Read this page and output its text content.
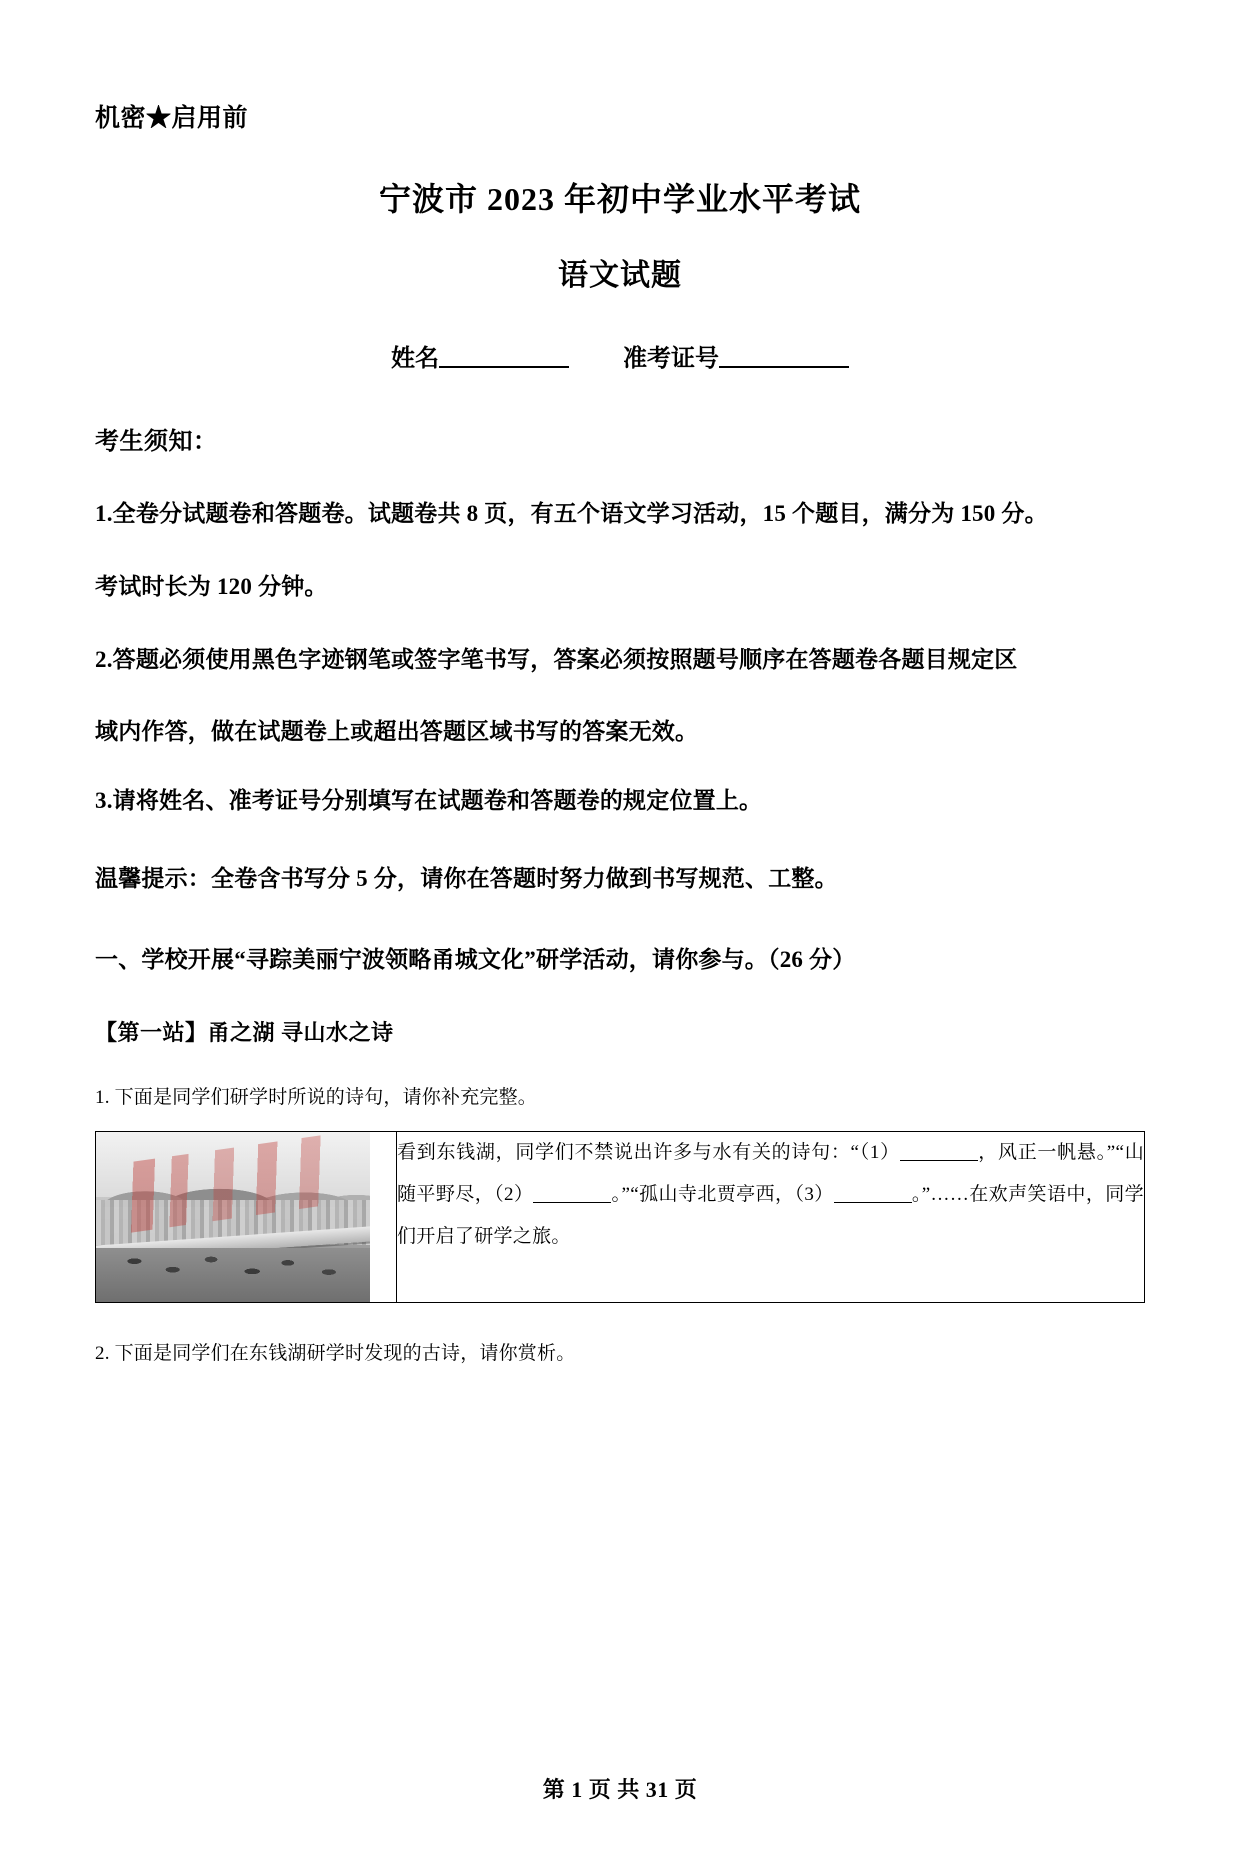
机密★启用前
宁波市 2023 年初中学业水平考试
语文试题
姓名	准考证号
考生须知：
1.全卷分试题卷和答题卷。试题卷共 8 页，有五个语文学习活动，15 个题目，满分为 150 分。
考试时长为 120 分钟。
2.答题必须使用黑色字迹钢笔或签字笔书写，答案必须按照题号顺序在答题卷各题目规定区
域内作答，做在试题卷上或超出答题区域书写的答案无效。
3.请将姓名、准考证号分别填写在试题卷和答题卷的规定位置上。
温馨提示：全卷含书写分 5 分，请你在答题时努力做到书写规范、工整。
一、学校开展“寻踪美丽宁波领略甬城文化”研学活动，请你参与。（26 分）
【第一站】甬之湖 寻山水之诗
1. 下面是同学们研学时所说的诗句，请你补充完整。

看到东钱湖，同学们不禁说出许多与水有关的诗句：“（1）	，风正一帆悬。”“山随平野尽，（2）	。”“孤山寺北贾亭西，（3）	。”……在欢声笑语中，同学们开启了研学之旅。
2. 下面是同学们在东钱湖研学时发现的古诗，请你赏析。
第 1 页 共 31 页
